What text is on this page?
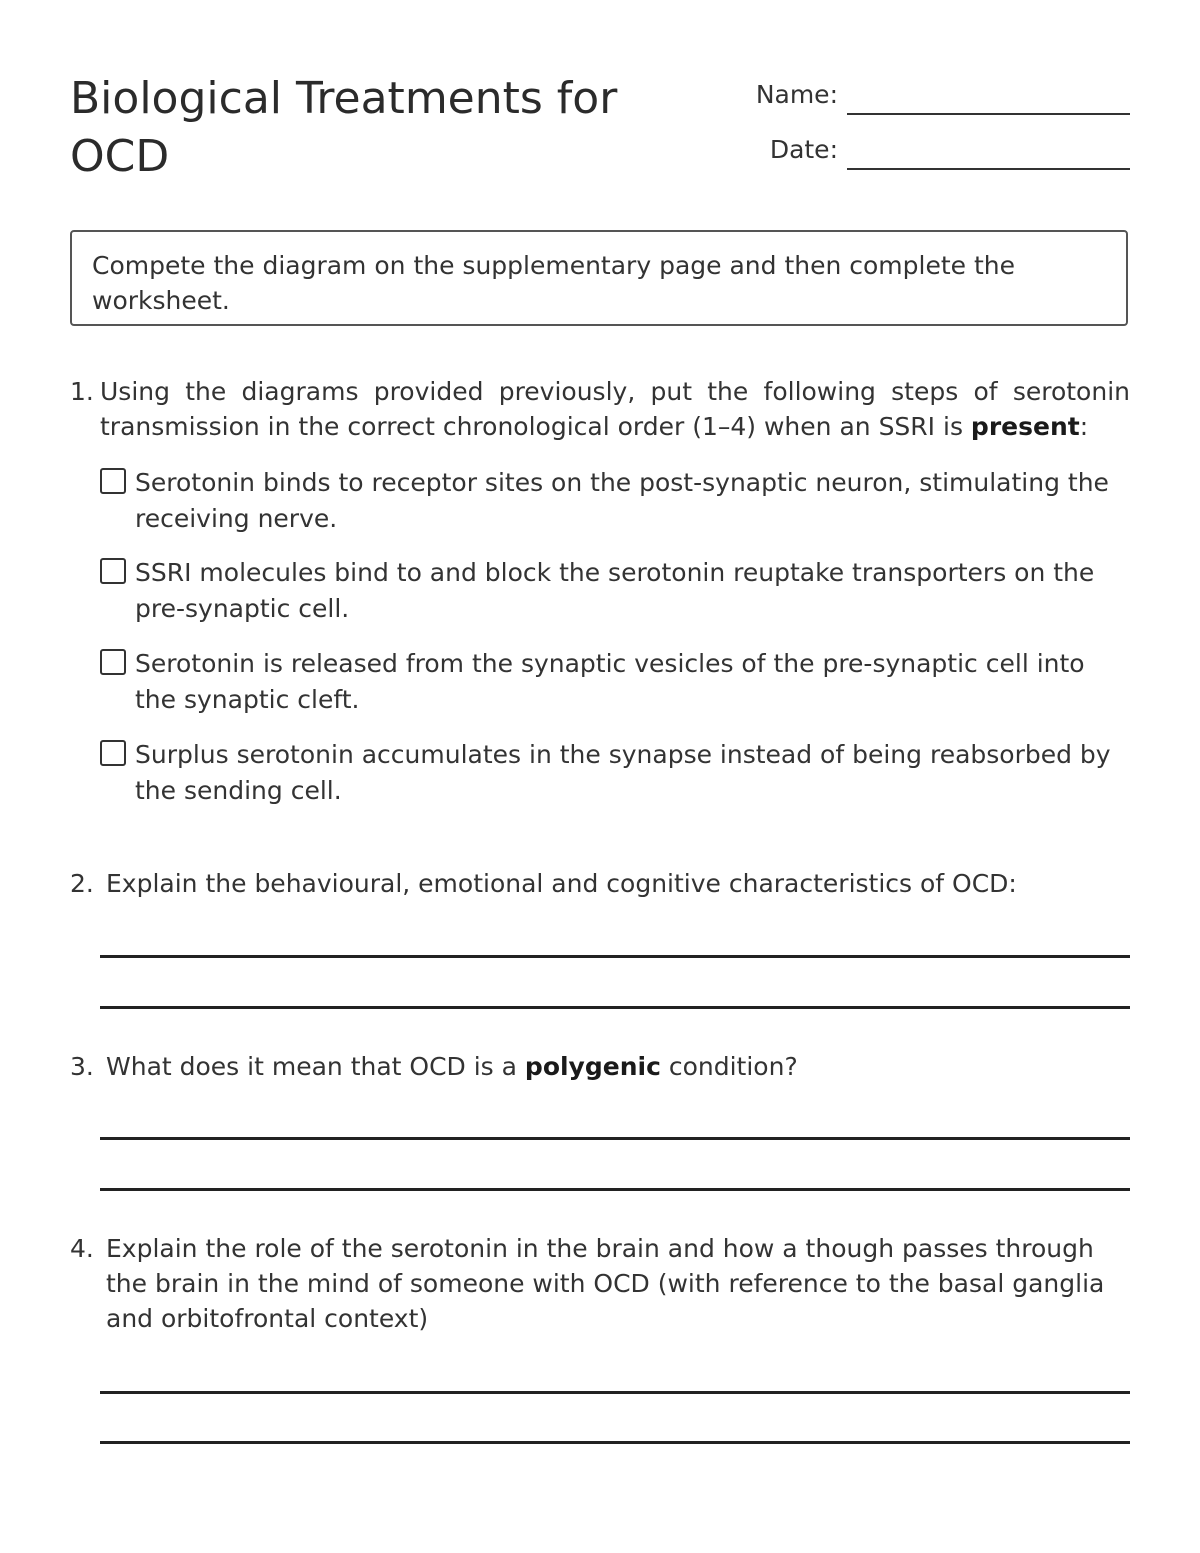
Biological Treatments for
OCD
Name:
Date:
Compete the diagram on the supplementary page and then complete the worksheet.
1. Using the diagrams provided previously, put the following steps of serotonin
transmission in the correct chronological order (1–4) when an SSRI is present:
Serotonin binds to receptor sites on the post-synaptic neuron, stimulating the
receiving nerve.
SSRI molecules bind to and block the serotonin reuptake transporters on the
pre-synaptic cell.
Serotonin is released from the synaptic vesicles of the pre-synaptic cell into
the synaptic cleft.
Surplus serotonin accumulates in the synapse instead of being reabsorbed by
the sending cell.
2. Explain the behavioural, emotional and cognitive characteristics of OCD:
3. What does it mean that OCD is a polygenic condition?
4. Explain the role of the serotonin in the brain and how a though passes through
the brain in the mind of someone with OCD (with reference to the basal ganglia
and orbitofrontal context)
